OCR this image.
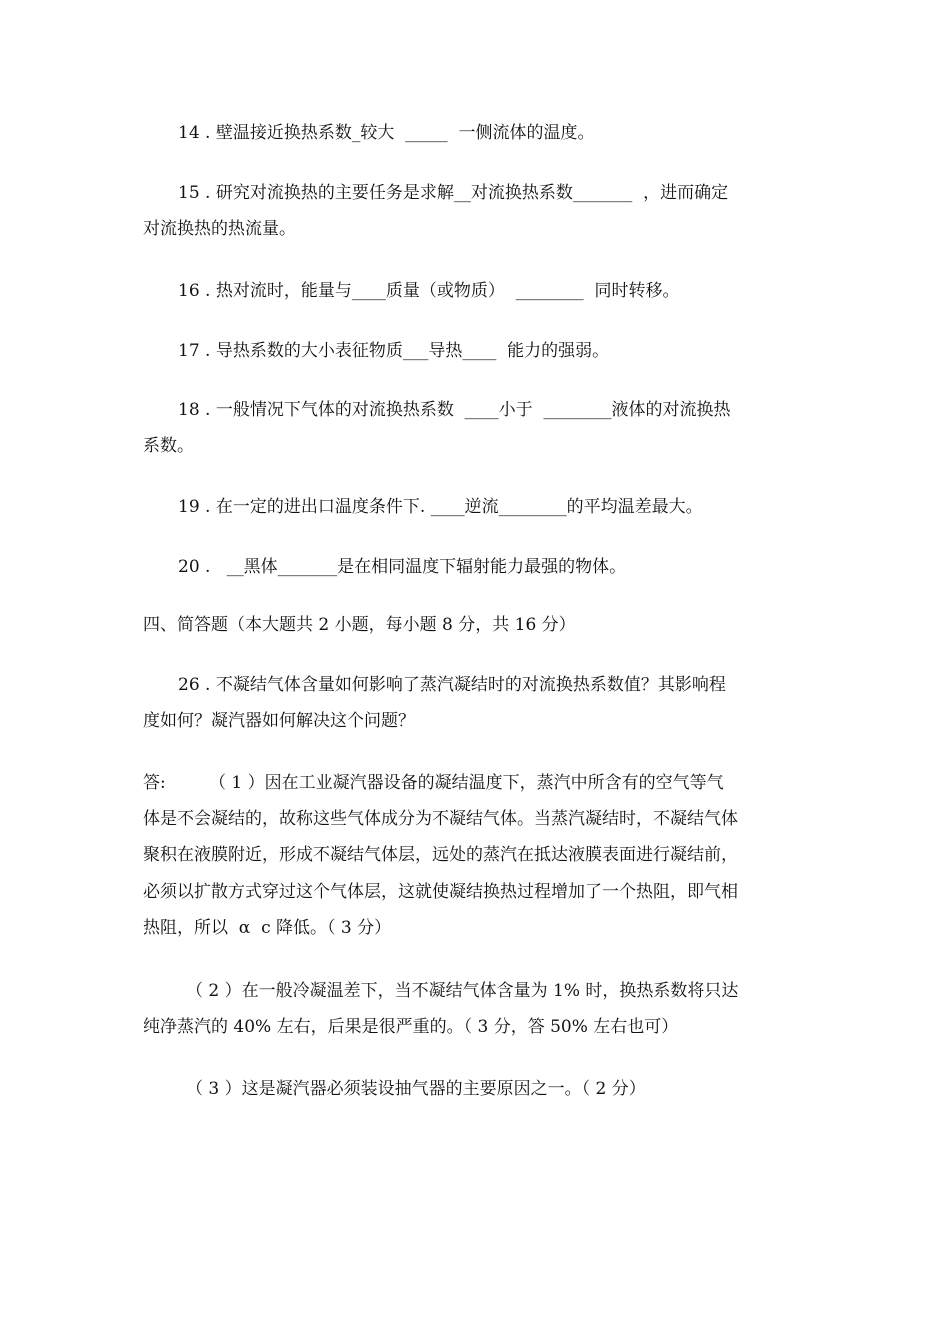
14 . 壁温接近换热系数_较大  _____  一侧流体的温度。
15 . 研究对流换热的主要任务是求解__对流换热系数_______  ，进而确定
对流换热的热流量。
16 . 热对流时，能量与____质量（或物质）  ________  同时转移。
17 . 导热系数的大小表征物质___导热____  能力的强弱。
18 . 一般情况下气体的对流换热系数  ____小于  ________液体的对流换热
系数。
19 . 在一定的进出口温度条件下. ____逆流________的平均温差最大。
20 .   __黑体_______是在相同温度下辐射能力最强的物体。
四、简答题（本大题共 2 小题，每小题 8 分，共 16 分）
26 . 不凝结气体含量如何影响了蒸汽凝结时的对流换热系数值？其影响程
度如何？凝汽器如何解决这个问题？
答:        （ 1 ）因在工业凝汽器设备的凝结温度下，蒸汽中所含有的空气等气
体是不会凝结的，故称这些气体成分为不凝结气体。当蒸汽凝结时，不凝结气体
聚积在液膜附近，形成不凝结气体层，远处的蒸汽在抵达液膜表面进行凝结前，
必须以扩散方式穿过这个气体层，这就使凝结换热过程增加了一个热阻，即气相
热阻，所以  α  c 降低。（ 3 分）
（ 2 ）在一般冷凝温差下，当不凝结气体含量为 1% 时，换热系数将只达
纯净蒸汽的 40% 左右，后果是很严重的。（ 3 分，答 50% 左右也可）
（ 3 ）这是凝汽器必须装设抽气器的主要原因之一。（ 2 分）
